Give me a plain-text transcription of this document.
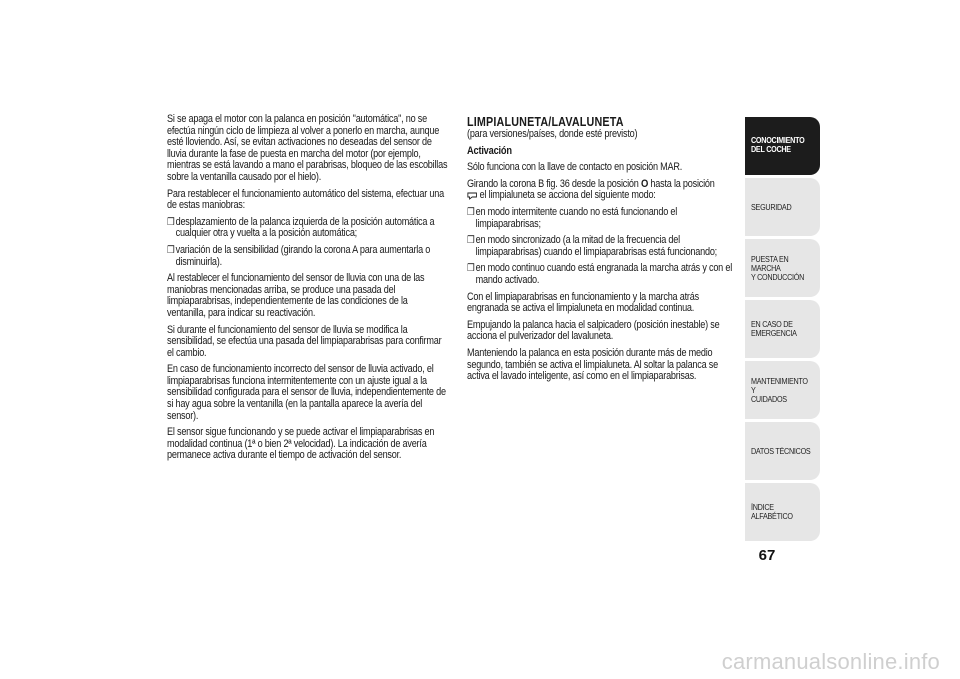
Si se apaga el motor con la palanca en posición "automática", no se efectúa ningún ciclo de limpieza al volver a ponerlo en marcha, aunque esté lloviendo. Así, se evitan activaciones no deseadas del sensor de lluvia durante la fase de puesta en marcha del motor (por ejemplo, mientras se está lavando a mano el parabrisas, bloqueo de las escobillas sobre la ventanilla causado por el hielo).

Para restablecer el funcionamiento automático del sistema, efectuar una de estas maniobras:

❒ desplazamiento de la palanca izquierda de la posición automática a cualquier otra y vuelta a la posición automática;
❒ variación de la sensibilidad (girando la corona A para aumentarla o disminuirla).

Al restablecer el funcionamiento del sensor de lluvia con una de las maniobras mencionadas arriba, se produce una pasada del limpiaparabrisas, independientemente de las condiciones de la ventanilla, para indicar su reactivación.

Si durante el funcionamiento del sensor de lluvia se modifica la sensibilidad, se efectúa una pasada del limpiaparabrisas para confirmar el cambio.

En caso de funcionamiento incorrecto del sensor de lluvia activado, el limpiaparabrisas funciona intermitentemente con un ajuste igual a la sensibilidad configurada para el sensor de lluvia, independientemente de si hay agua sobre la ventanilla (en la pantalla aparece la avería del sensor).

El sensor sigue funcionando y se puede activar el limpiaparabrisas en modalidad continua (1ª o bien 2ª velocidad). La indicación de avería permanece activa durante el tiempo de activación del sensor.

LIMPIALUNETA/LAVALUNETA

(para versiones/países, donde esté previsto)

Activación

Sólo funciona con la llave de contacto en posición MAR.

Girando la corona B fig. 36 desde la posición O hasta la posición
el limpialuneta se acciona del siguiente modo:

❒ en modo intermitente cuando no está funcionando el limpiaparabrisas;
❒ en modo sincronizado (a la mitad de la frecuencia del limpiaparabrisas) cuando el limpiaparabrisas está funcionando;
❒ en modo continuo cuando está engranada la marcha atrás y con el mando activado.

Con el limpiaparabrisas en funcionamiento y la marcha atrás engranada se activa el limpialuneta en modalidad continua.

Empujando la palanca hacia el salpicadero (posición inestable) se acciona el pulverizador del lavaluneta.

Manteniendo la palanca en esta posición durante más de medio segundo, también se activa el limpialuneta. Al soltar la palanca se activa el lavado inteligente, así como en el limpiaparabrisas.

CONOCIMIENTO
DEL COCHE
SEGURIDAD
PUESTA EN MARCHA
Y CONDUCCIÓN
EN CASO DE
EMERGENCIA
MANTENIMIENTO Y
CUIDADOS
DATOS TÉCNICOS
ÍNDICE ALFABÉTICO
67
carmanualsonline.info
